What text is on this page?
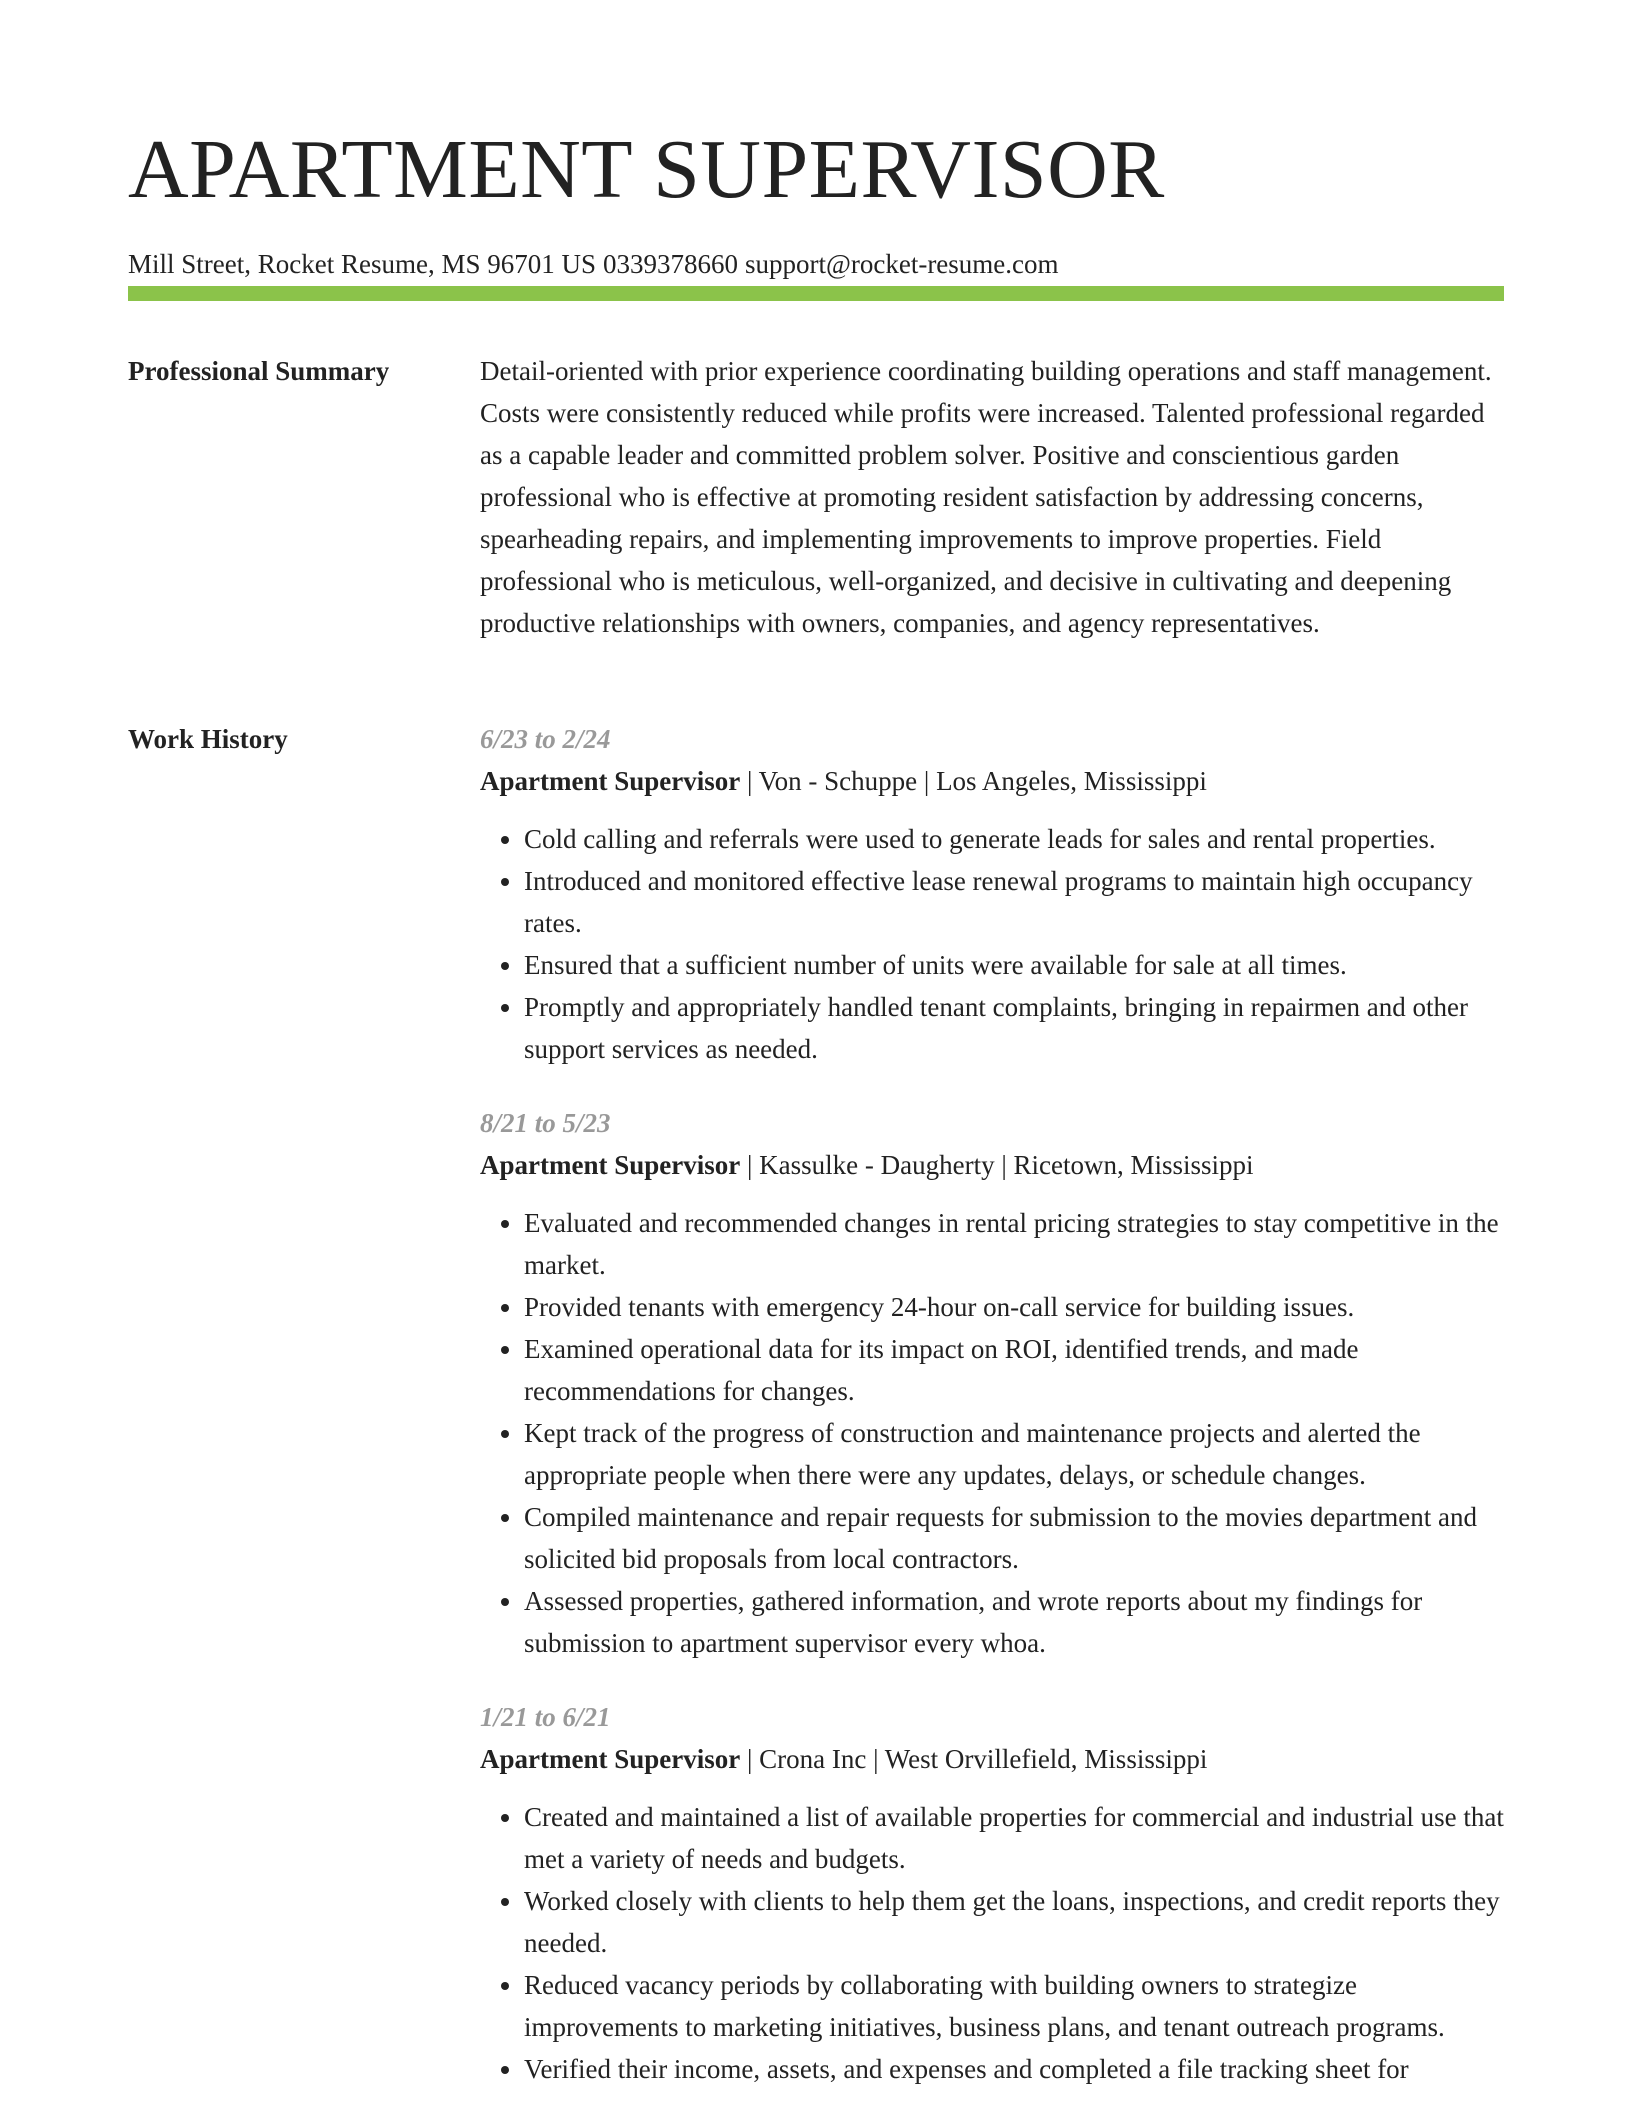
APARTMENT SUPERVISOR
Mill Street, Rocket Resume, MS 96701 US 0339378660 support@rocket-resume.com
Professional Summary	Detail-oriented with prior experience coordinating building operations and staff management. Costs were consistently reduced while profits were increased. Talented professional regarded as a capable leader and committed problem solver. Positive and conscientious garden professional who is effective at promoting resident satisfaction by addressing concerns, spearheading repairs, and implementing improvements to improve properties. Field professional who is meticulous, well-organized, and decisive in cultivating and deepening productive relationships with owners, companies, and agency representatives.

Work History	6/23 to 2/24
Apartment Supervisor | Von - Schuppe | Los Angeles, Mississippi
• Cold calling and referrals were used to generate leads for sales and rental properties.
• Introduced and monitored effective lease renewal programs to maintain high occupancy rates.
• Ensured that a sufficient number of units were available for sale at all times.
• Promptly and appropriately handled tenant complaints, bringing in repairmen and other support services as needed.
8/21 to 5/23
Apartment Supervisor | Kassulke - Daugherty | Ricetown, Mississippi
• Evaluated and recommended changes in rental pricing strategies to stay competitive in the market.
• Provided tenants with emergency 24-hour on-call service for building issues.
• Examined operational data for its impact on ROI, identified trends, and made recommendations for changes.
• Kept track of the progress of construction and maintenance projects and alerted the appropriate people when there were any updates, delays, or schedule changes.
• Compiled maintenance and repair requests for submission to the movies department and solicited bid proposals from local contractors.
• Assessed properties, gathered information, and wrote reports about my findings for submission to apartment supervisor every whoa.
1/21 to 6/21
Apartment Supervisor | Crona Inc | West Orvillefield, Mississippi
• Created and maintained a list of available properties for commercial and industrial use that met a variety of needs and budgets.
• Worked closely with clients to help them get the loans, inspections, and credit reports they needed.
• Reduced vacancy periods by collaborating with building owners to strategize improvements to marketing initiatives, business plans, and tenant outreach programs.
• Verified their income, assets, and expenses and completed a file tracking sheet for
